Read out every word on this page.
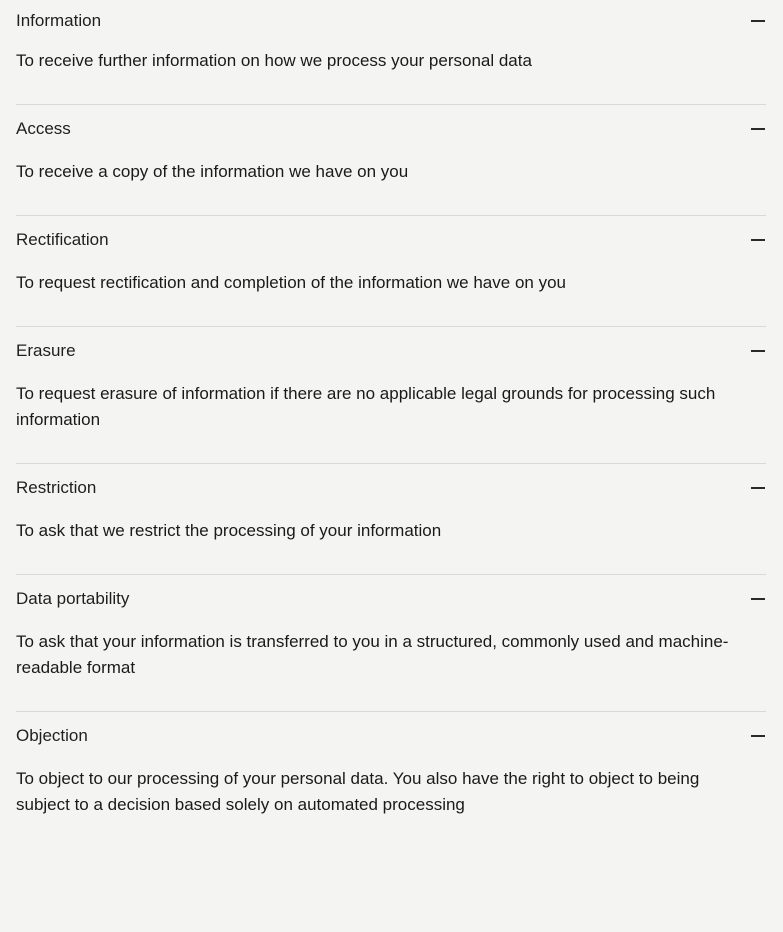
Information
To receive further information on how we process your personal data
Access
To receive a copy of the information we have on you
Rectification
To request rectification and completion of the information we have on you
Erasure
To request erasure of information if there are no applicable legal grounds for processing such information
Restriction
To ask that we restrict the processing of your information
Data portability
To ask that your information is transferred to you in a structured, commonly used and machine-readable format
Objection
To object to our processing of your personal data. You also have the right to object to being subject to a decision based solely on automated processing
